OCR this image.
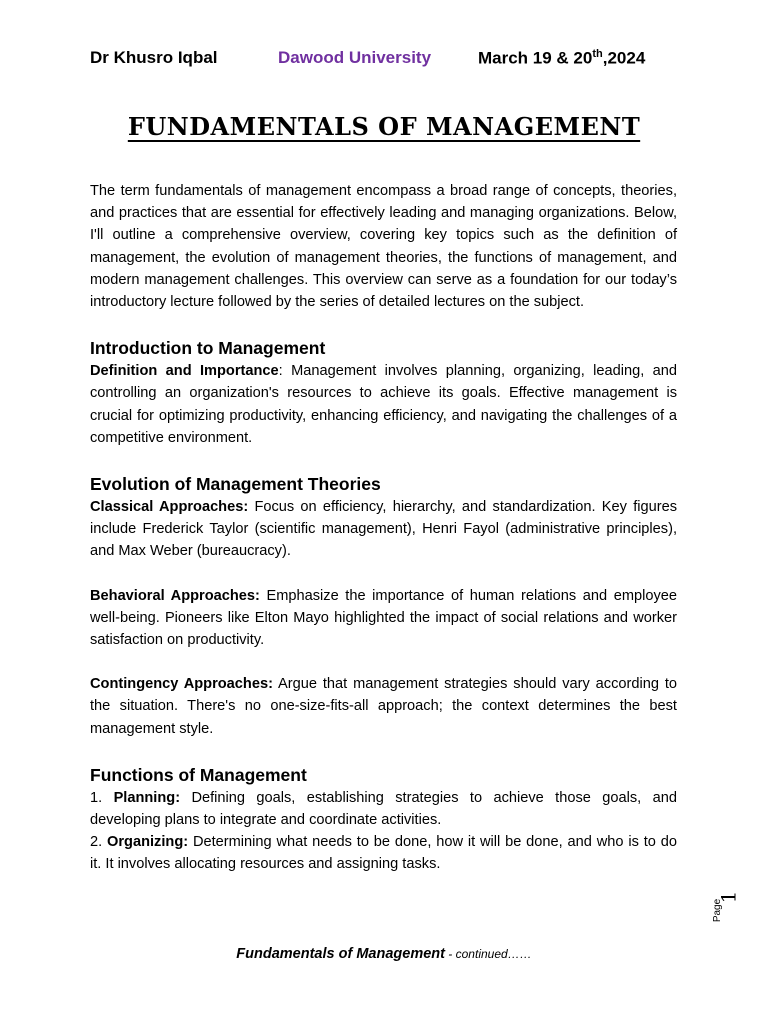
Dr Khusro Iqbal	Dawood University	March 19 & 20th,2024
FUNDAMENTALS OF MANAGEMENT

The term fundamentals of management encompass a broad range of concepts, theories, and practices that are essential for effectively leading and managing organizations. Below, I'll outline a comprehensive overview, covering key topics such as the definition of management, the evolution of management theories, the functions of management, and modern management challenges. This overview can serve as a foundation for our today’s introductory lecture followed by the series of detailed lectures on the subject.

Introduction to Management

Definition and Importance: Management involves planning, organizing, leading, and controlling an organization's resources to achieve its goals. Effective management is crucial for optimizing productivity, enhancing efficiency, and navigating the challenges of a competitive environment.

Evolution of Management Theories

Classical Approaches: Focus on efficiency, hierarchy, and standardization. Key figures include Frederick Taylor (scientific management), Henri Fayol (administrative principles), and Max Weber (bureaucracy).

Behavioral Approaches: Emphasize the importance of human relations and employee well-being. Pioneers like Elton Mayo highlighted the impact of social relations and worker satisfaction on productivity.

Contingency Approaches: Argue that management strategies should vary according to the situation. There's no one-size-fits-all approach; the context determines the best management style.

Functions of Management

1. Planning: Defining goals, establishing strategies to achieve those goals, and developing plans to integrate and coordinate activities.

2. Organizing: Determining what needs to be done, how it will be done, and who is to do it. It involves allocating resources and assigning tasks.

Page
1
Fundamentals of Management - continued……
